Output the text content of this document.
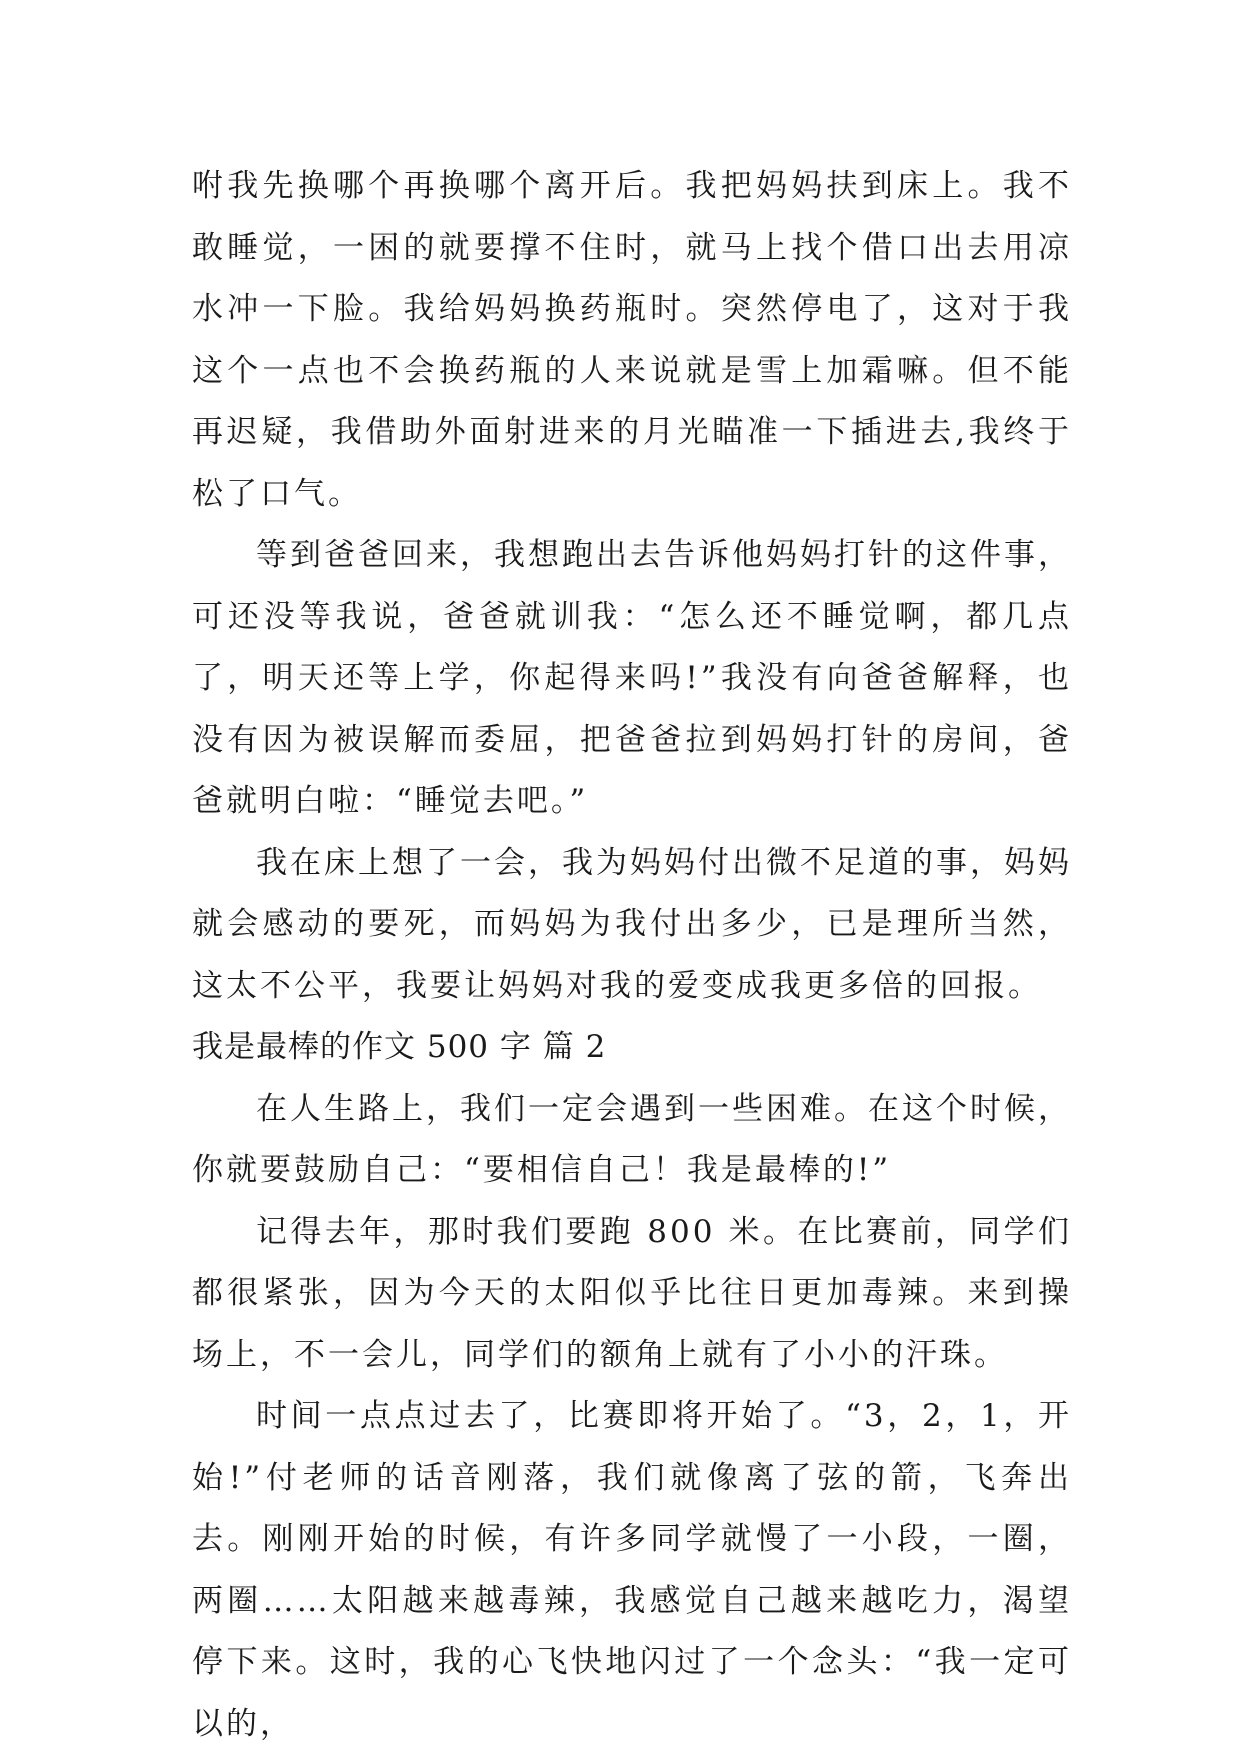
咐我先换哪个再换哪个离开后。我把妈妈扶到床上。我不敢睡觉，一困的就要撑不住时，就马上找个借口出去用凉水冲一下脸。我给妈妈换药瓶时。突然停电了，这对于我这个一点也不会换药瓶的人来说就是雪上加霜嘛。但不能再迟疑，我借助外面射进来的月光瞄准一下插进去,我终于松了口气。

等到爸爸回来，我想跑出去告诉他妈妈打针的这件事，可还没等我说，爸爸就训我：“怎么还不睡觉啊，都几点了，明天还等上学，你起得来吗!”我没有向爸爸解释，也没有因为被误解而委屈，把爸爸拉到妈妈打针的房间，爸爸就明白啦：“睡觉去吧。”

我在床上想了一会，我为妈妈付出微不足道的事，妈妈就会感动的要死，而妈妈为我付出多少，已是理所当然，这太不公平，我要让妈妈对我的爱变成我更多倍的回报。

我是最棒的作文 500 字 篇 2

在人生路上，我们一定会遇到一些困难。在这个时候，你就要鼓励自己：“要相信自己！我是最棒的!”

记得去年，那时我们要跑 800 米。在比赛前，同学们都很紧张，因为今天的太阳似乎比往日更加毒辣。来到操场上，不一会儿，同学们的额角上就有了小小的汗珠。

时间一点点过去了，比赛即将开始了。“3，2，1，开始!”付老师的话音刚落，我们就像离了弦的箭，飞奔出去。刚刚开始的时候，有许多同学就慢了一小段，一圈，两圈……太阳越来越毒辣，我感觉自己越来越吃力，渴望停下来。这时，我的心飞快地闪过了一个念头：“我一定可以的，
